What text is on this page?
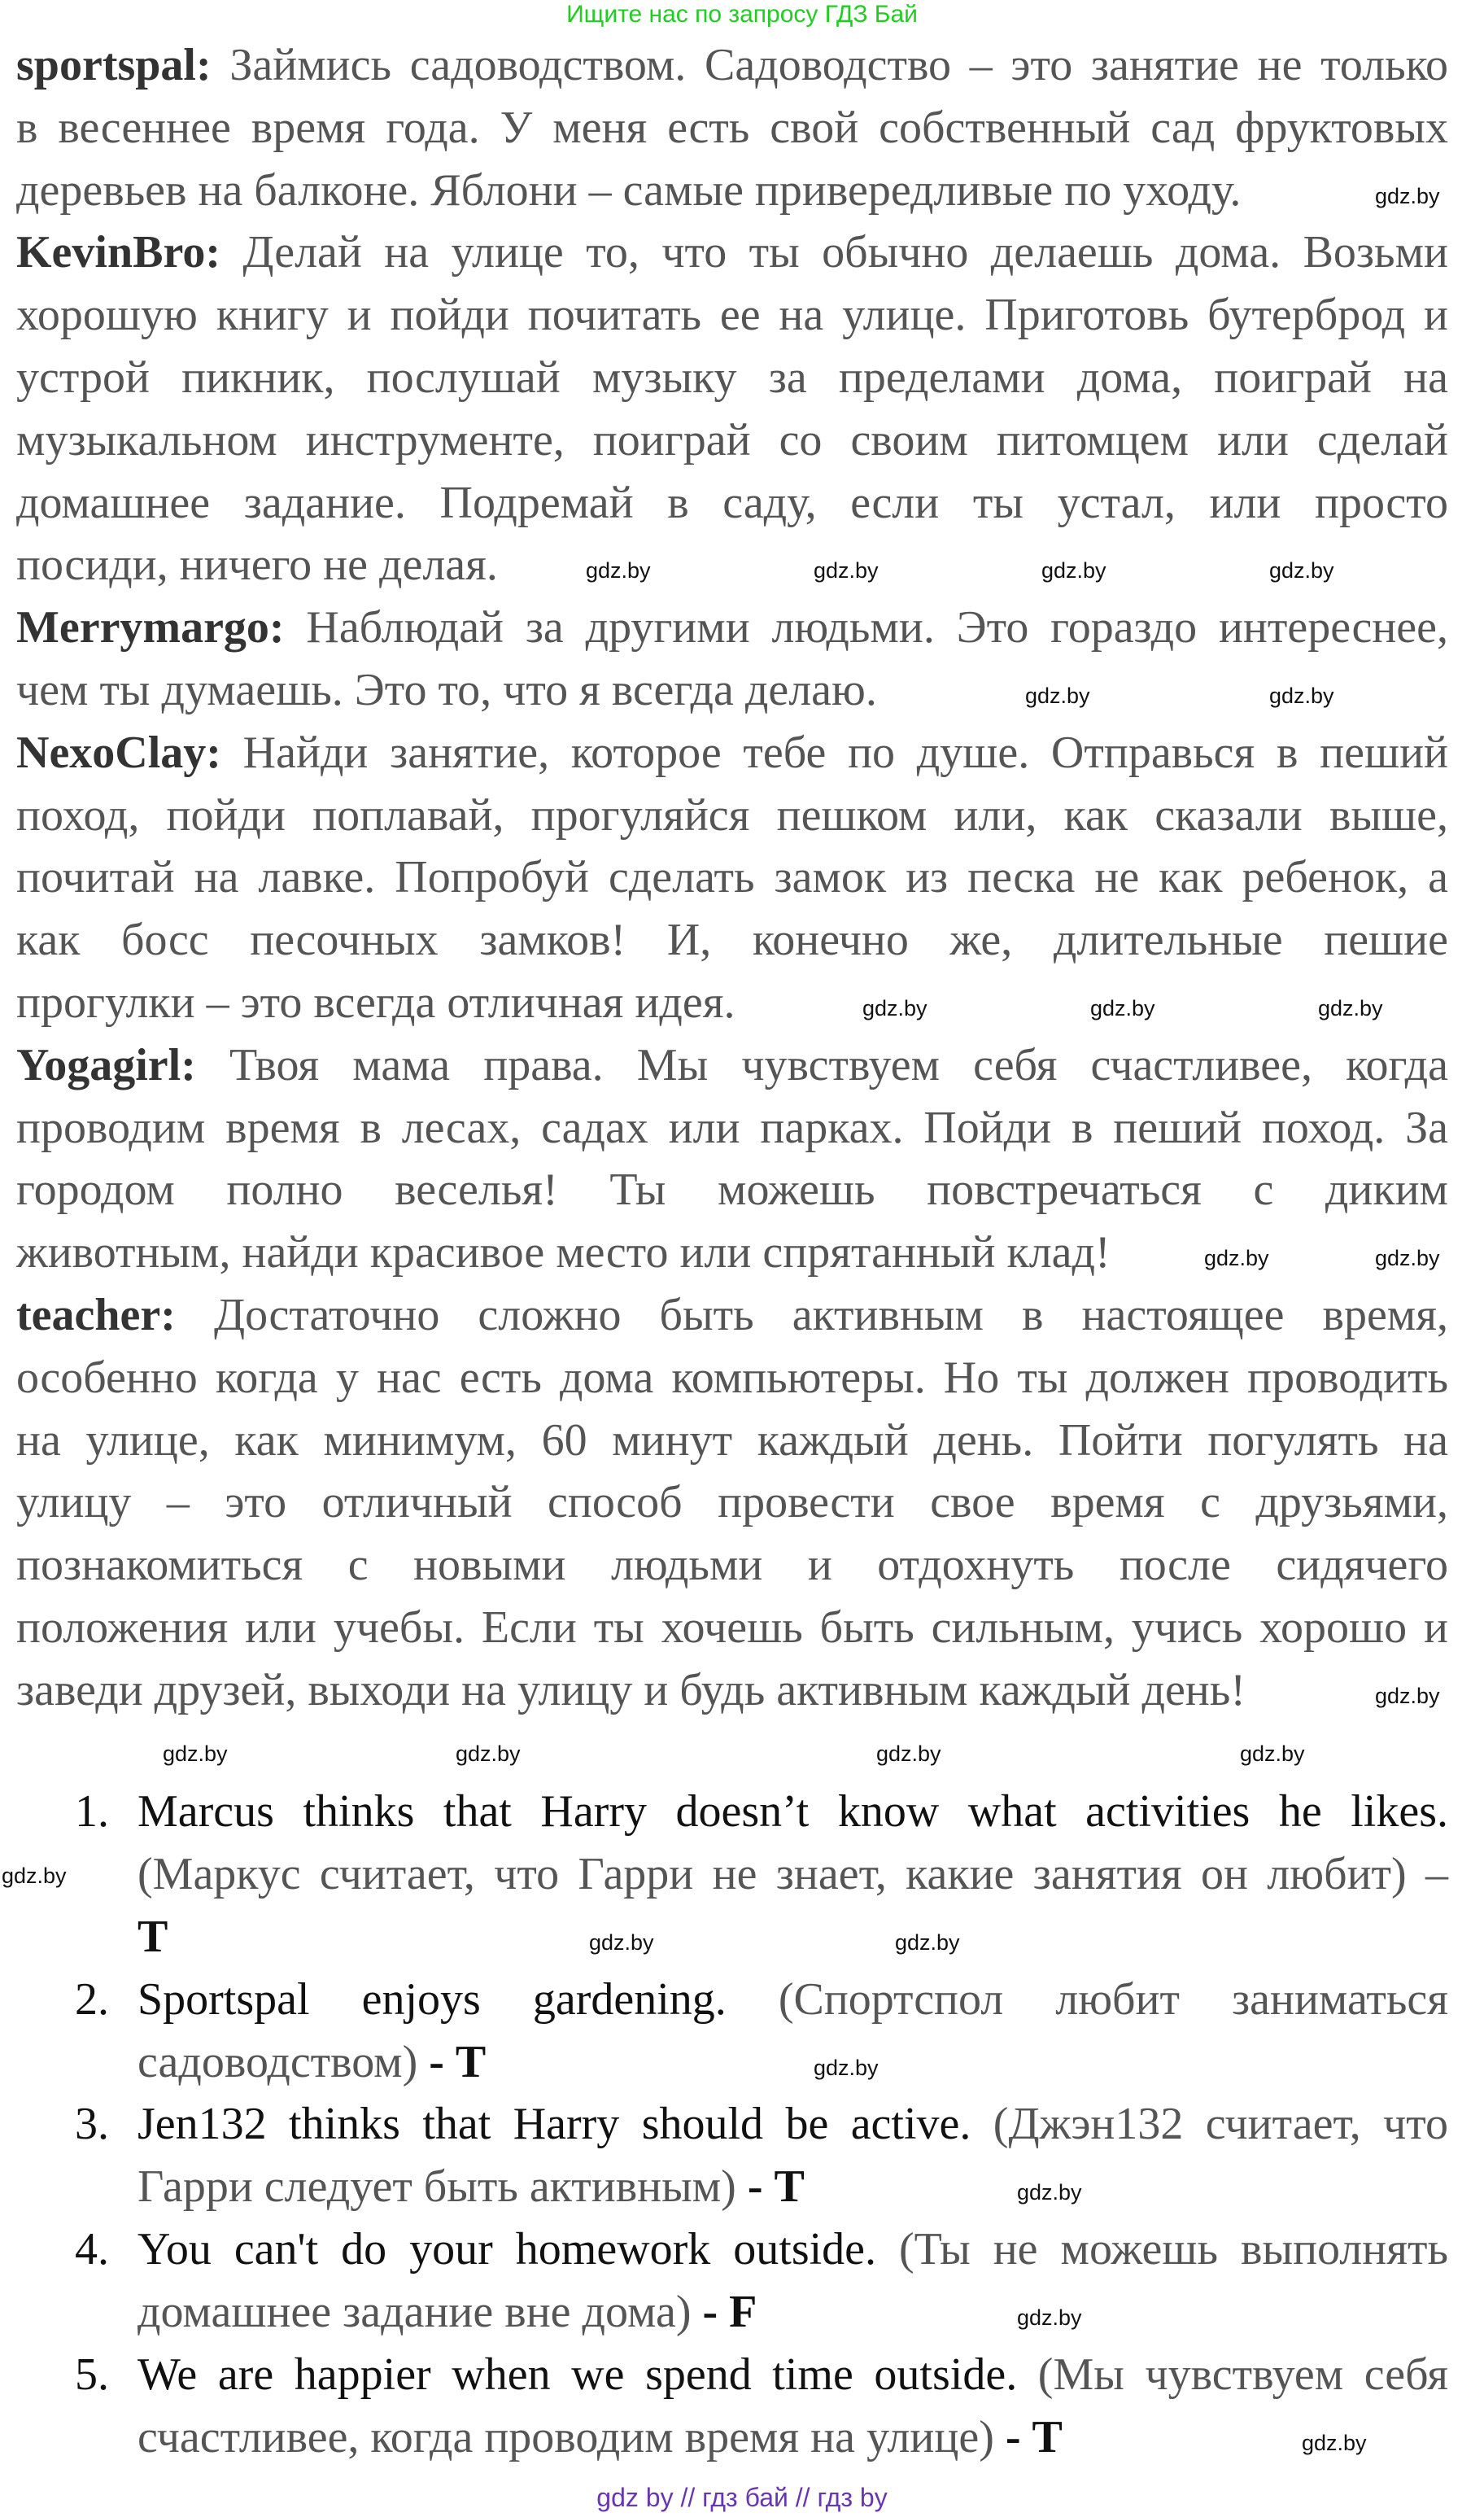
Ищите нас по запросу ГДЗ Бай
sportspal: Займись садоводством. Садоводство – это занятие не только
в весеннее время года. У меня есть свой собственный сад фруктовых
деревьев на балконе. Яблони – самые привередливые по уходу.
KevinBro: Делай на улице то, что ты обычно делаешь дома. Возьми
хорошую книгу и пойди почитать ее на улице. Приготовь бутерброд и
устрой пикник, послушай музыку за пределами дома, поиграй на
музыкальном инструменте, поиграй со своим питомцем или сделай
домашнее задание. Подремай в саду, если ты устал, или просто
посиди, ничего не делая.
Merrymargo: Наблюдай за другими людьми. Это гораздо интереснее,
чем ты думаешь. Это то, что я всегда делаю.
NexoClay: Найди занятие, которое тебе по душе. Отправься в пеший
поход, пойди поплавай, прогуляйся пешком или, как сказали выше,
почитай на лавке. Попробуй сделать замок из песка не как ребенок, а
как босс песочных замков! И, конечно же, длительные пешие
прогулки – это всегда отличная идея.
Yogagirl: Твоя мама права. Мы чувствуем себя счастливее, когда
проводим время в лесах, садах или парках. Пойди в пеший поход. За
городом полно веселья! Ты можешь повстречаться с диким
животным, найди красивое место или спрятанный клад!
teacher: Достаточно сложно быть активным в настоящее время,
особенно когда у нас есть дома компьютеры. Но ты должен проводить
на улице, как минимум, 60 минут каждый день. Пойти погулять на
улицу – это отличный способ провести свое время с друзьями,
познакомиться с новыми людьми и отдохнуть после сидячего
положения или учебы. Если ты хочешь быть сильным, учись хорошо и
заведи друзей, выходи на улицу и будь активным каждый день!
1. Marcus thinks that Harry doesn’t know what activities he likes.
(Маркус считает, что Гарри не знает, какие занятия он любит) –
T
2. Sportspal enjoys gardening. (Спортспол любит заниматься
садоводством) - T
3. Jen132 thinks that Harry should be active. (Джэн132 считает, что
Гарри следует быть активным) - T
4. You can't do your homework outside. (Ты не можешь выполнять
домашнее задание вне дома) - F
5. We are happier when we spend time outside. (Мы чувствуем себя
счастливее, когда проводим время на улице) - T
gdz.by
gdz.by	gdz.by	gdz.by	gdz.by
gdz.by	gdz.by
gdz.by	gdz.by	gdz.by
gdz.by	gdz.by
gdz.by
gdz.by	gdz.by	gdz.by	gdz.by
gdz.by
gdz.by	gdz.by
gdz.by
gdz.by
gdz.by
gdz.by
gdz by // гдз бай // гдз by
